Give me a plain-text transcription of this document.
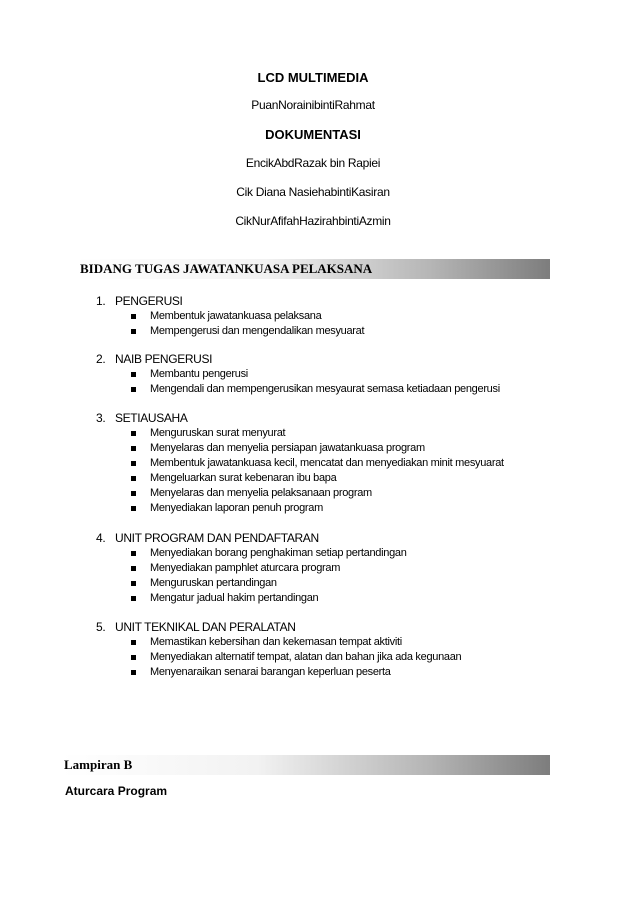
LCD MULTIMEDIA
PuanNorainibintiRahmat
DOKUMENTASI
EncikAbdRazak bin Rapiei
Cik Diana NasiehabintiKasiran
CikNurAfifahHazirahbintiAzmin
BIDANG TUGAS JAWATANKUASA PELAKSANA
1. PENGERUSI
Membentuk jawatankuasa pelaksana
Mempengerusi dan mengendalikan mesyuarat
2. NAIB PENGERUSI
Membantu pengerusi
Mengendali dan mempengerusikan mesyaurat semasa ketiadaan pengerusi
3. SETIAUSAHA
Menguruskan surat menyurat
Menyelaras dan menyelia persiapan jawatankuasa program
Membentuk jawatankuasa kecil, mencatat dan menyediakan minit mesyuarat
Mengeluarkan surat kebenaran ibu bapa
Menyelaras dan menyelia pelaksanaan program
Menyediakan laporan penuh program
4. UNIT PROGRAM DAN PENDAFTARAN
Menyediakan borang penghakiman setiap pertandingan
Menyediakan pamphlet aturcara program
Menguruskan pertandingan
Mengatur jadual hakim pertandingan
5. UNIT TEKNIKAL DAN PERALATAN
Memastikan kebersihan dan kekemasan tempat aktiviti
Menyediakan alternatif tempat, alatan dan bahan jika ada kegunaan
Menyenaraikan senarai barangan keperluan peserta
Lampiran B
Aturcara Program
